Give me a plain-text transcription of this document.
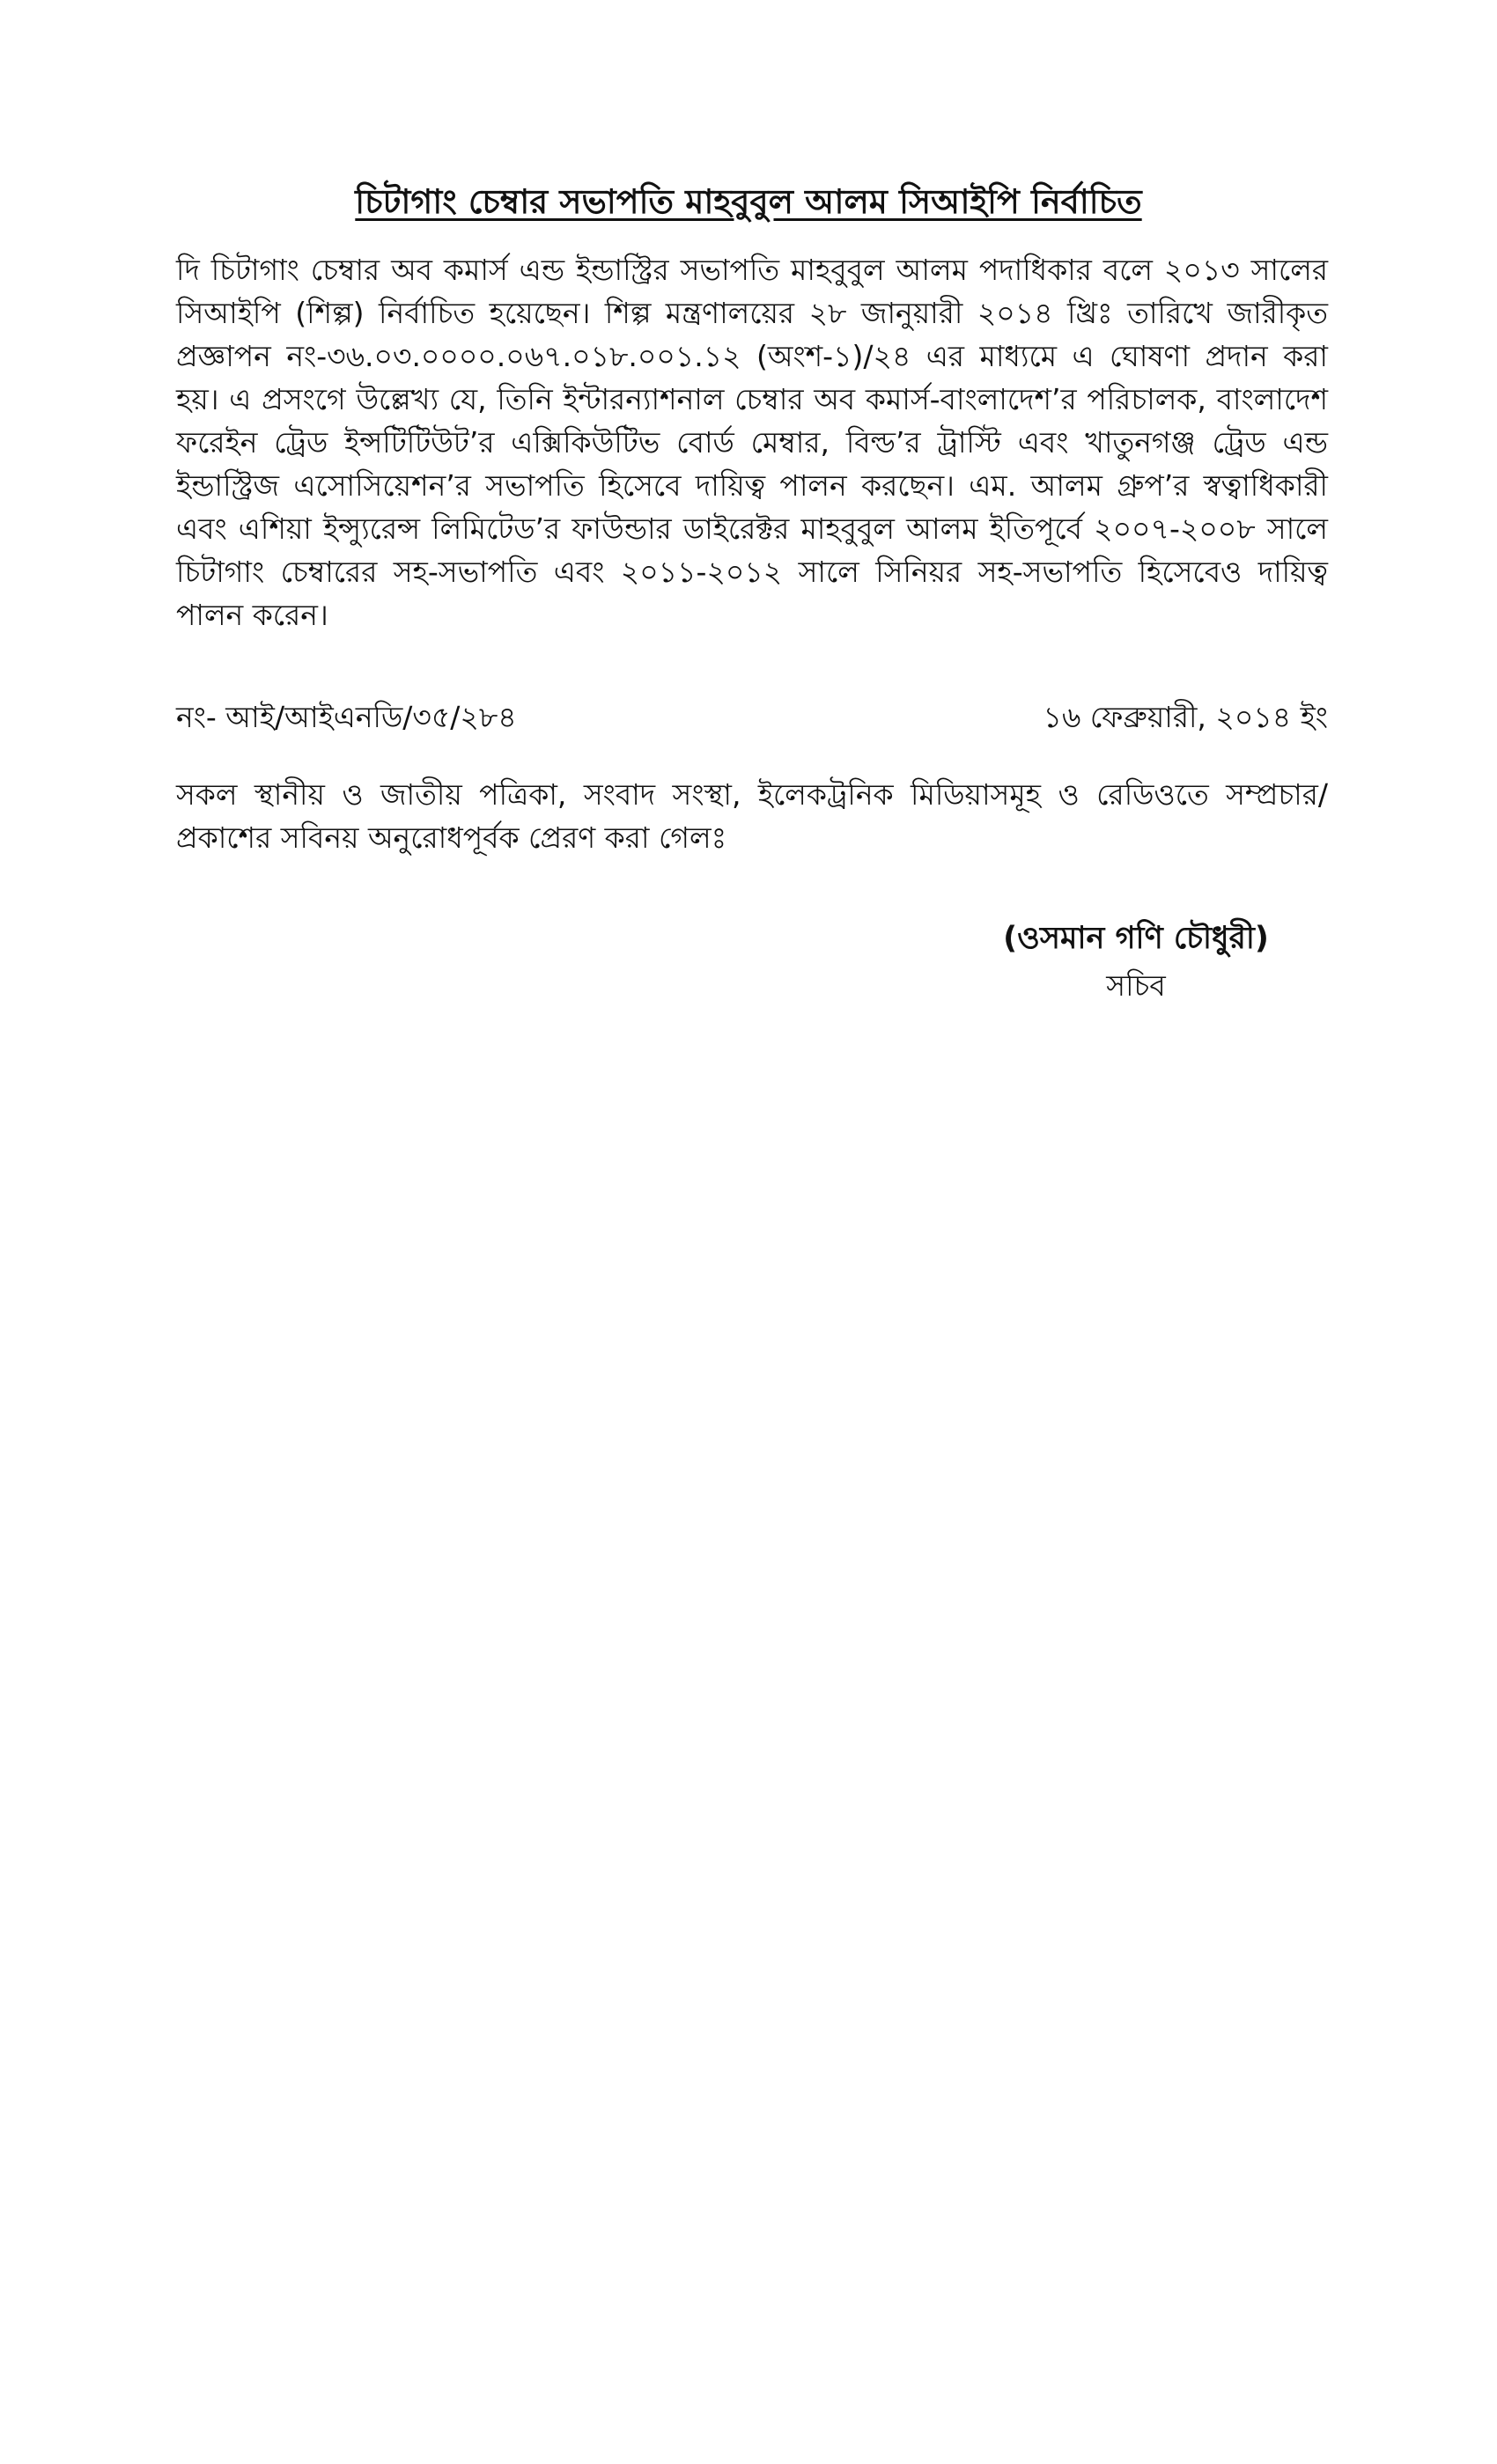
চিটাগাং চেম্বার সভাপতি মাহবুবুল আলম সিআইপি নির্বাচিত
দি চিটাগাং চেম্বার অব কমার্স এন্ড ইন্ডাস্ট্রির সভাপতি মাহবুবুল আলম পদাধিকার বলে ২০১৩ সালের সিআইপি (শিল্প) নির্বাচিত হয়েছেন। শিল্প মন্ত্রণালয়ের ২৮ জানুয়ারী ২০১৪ খ্রিঃ তারিখে জারীকৃত প্রজ্ঞাপন নং-৩৬.০৩.০০০০.০৬৭.০১৮.০০১.১২ (অংশ-১)/২৪ এর মাধ্যমে এ ঘোষণা প্রদান করা হয়। এ প্রসংগে উল্লেখ্য যে, তিনি ইন্টারন্যাশনাল চেম্বার অব কমার্স-বাংলাদেশ’র পরিচালক, বাংলাদেশ ফরেইন ট্রেড ইন্সটিটিউট’র এক্সিকিউটিভ বোর্ড মেম্বার, বিল্ড’র ট্রাস্টি এবং খাতুনগঞ্জ ট্রেড এন্ড ইন্ডাস্ট্রিজ এসোসিয়েশন’র সভাপতি হিসেবে দায়িত্ব পালন করছেন। এম. আলম গ্রুপ’র স্বত্বাধিকারী এবং এশিয়া ইন্স্যুরেন্স লিমিটেড’র ফাউন্ডার ডাইরেক্টর মাহবুবুল আলম ইতিপূর্বে ২০০৭-২০০৮ সালে চিটাগাং চেম্বারের সহ-সভাপতি এবং ২০১১-২০১২ সালে সিনিয়র সহ-সভাপতি হিসেবেও দায়িত্ব পালন করেন।
নং- আই/আইএনডি/৩৫/২৮৪	১৬ ফেব্রুয়ারী, ২০১৪ ইং
সকল স্থানীয় ও জাতীয় পত্রিকা, সংবাদ সংস্থা, ইলেকট্রনিক মিডিয়াসমূহ ও রেডিওতে সম্প্রচার/প্রকাশের সবিনয় অনুরোধপূর্বক প্রেরণ করা গেলঃ
(ওসমান গণি চৌধুরী)
সচিব
